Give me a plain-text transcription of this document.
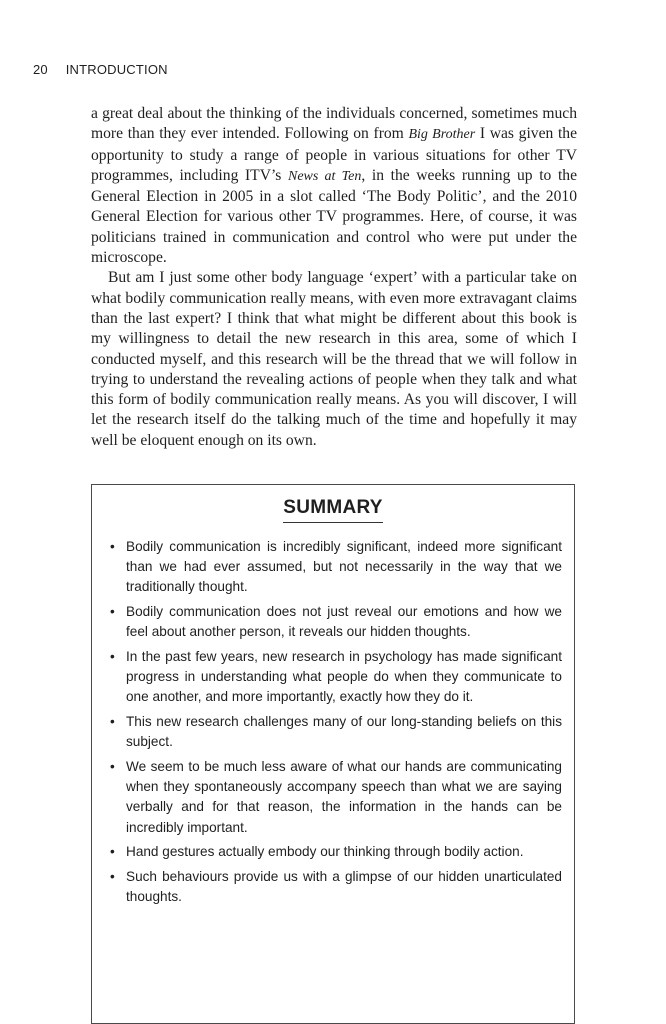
20 INTRODUCTION

a great deal about the thinking of the individuals concerned, sometimes much more than they ever intended. Following on from Big Brother I was given the opportunity to study a range of people in various situations for other TV programmes, including ITV’s News at Ten, in the weeks running up to the General Election in 2005 in a slot called ‘The Body Politic’, and the 2010 General Election for various other TV programmes. Here, of course, it was politicians trained in communication and control who were put under the microscope.

But am I just some other body language ‘expert’ with a particular take on what bodily communication really means, with even more extravagant claims than the last expert? I think that what might be different about this book is my willingness to detail the new research in this area, some of which I conducted myself, and this research will be the thread that we will follow in trying to understand the revealing actions of people when they talk and what this form of bodily communication really means. As you will discover, I will let the research itself do the talking much of the time and hopefully it may well be eloquent enough on its own.

SUMMARY
• Bodily communication is incredibly significant, indeed more significant than we had ever assumed, but not necessarily in the way that we traditionally thought.
• Bodily communication does not just reveal our emotions and how we feel about another person, it reveals our hidden thoughts.
• In the past few years, new research in psychology has made significant progress in understanding what people do when they communicate to one another, and more importantly, exactly how they do it.
• This new research challenges many of our long-standing beliefs on this subject.
• We seem to be much less aware of what our hands are communicating when they spontaneously accompany speech than what we are saying verbally and for that reason, the information in the hands can be incredibly important.
• Hand gestures actually embody our thinking through bodily action.
• Such behaviours provide us with a glimpse of our hidden unarticulated thoughts.
